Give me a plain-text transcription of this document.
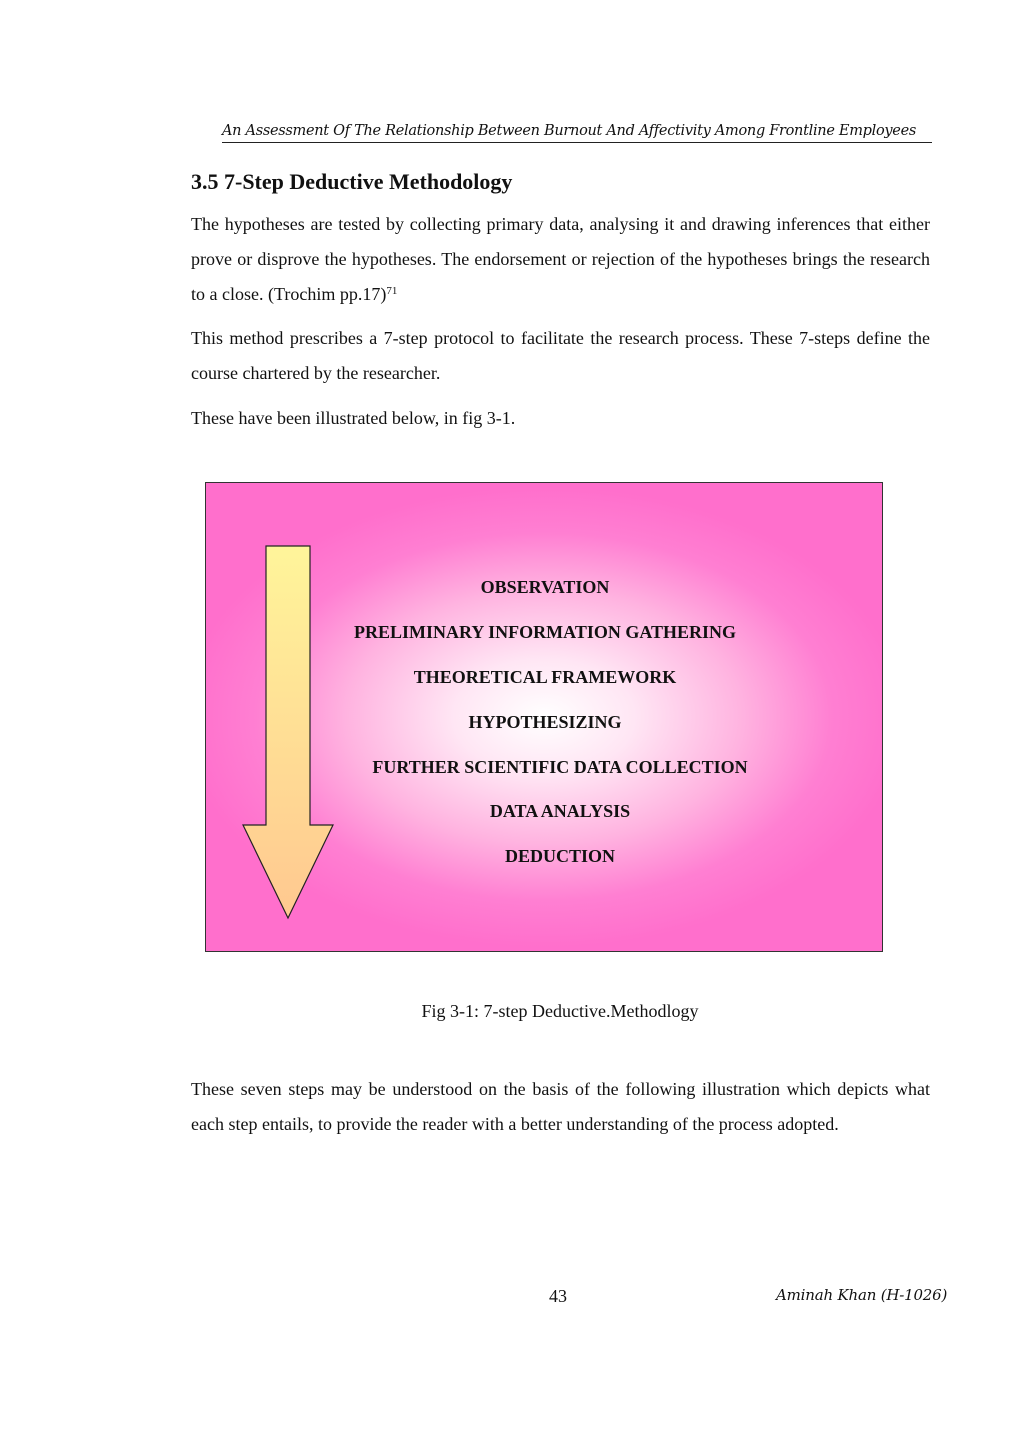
An Assessment Of The Relationship Between Burnout And Affectivity Among Frontline Employees
3.5 7-Step Deductive Methodology

The hypotheses are tested by collecting primary data, analysing it and drawing inferences that either prove or disprove the hypotheses. The endorsement or rejection of the hypotheses brings the research to a close. (Trochim pp.17)$^{71}$

This method prescribes a 7-step protocol to facilitate the research process. These 7-steps define the course chartered by the researcher.

These have been illustrated below, in fig 3-1.

OBSERVATION
PRELIMINARY INFORMATION GATHERING
THEORETICAL FRAMEWORK
HYPOTHESIZING
FURTHER SCIENTIFIC DATA COLLECTION
DATA ANALYSIS
DEDUCTION
Fig 3-1: 7-step Deductive.Methodlogy

These seven steps may be understood on the basis of the following illustration which depicts what each step entails, to provide the reader with a better understanding of the process adopted.

43	Aminah Khan (H-1026)
